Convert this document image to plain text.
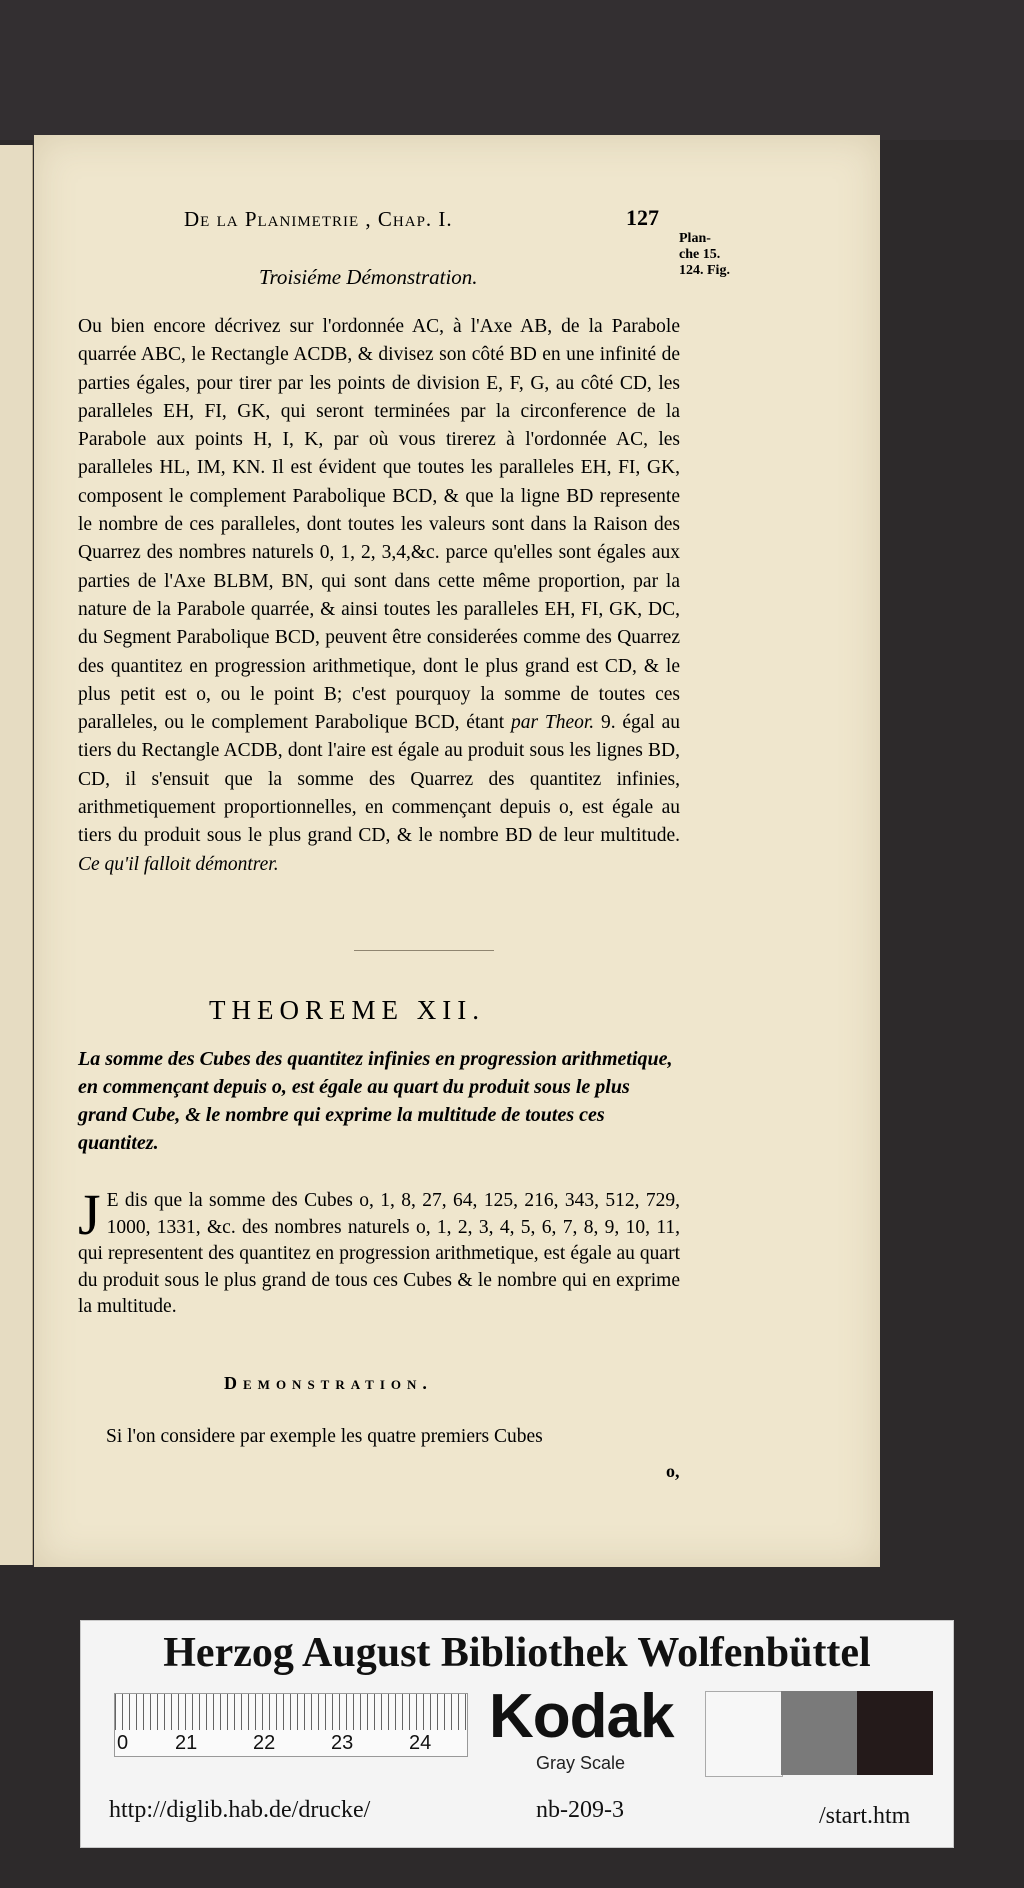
De la Planimetrie , Chap. I.	127
Plan-
che 15.
124. Fig.
Troisiéme Démonstration.
Ou bien encore décrivez sur l'ordonnée AC, à l'Axe AB, de la Parabole quarrée ABC, le Rectangle ACDB, & divisez son côté BD en une infinité de parties égales, pour tirer par les points de division E, F, G, au côté CD, les paralleles EH, FI, GK, qui seront terminées par la circonference de la Parabole aux points H, I, K, par où vous tirerez à l'ordonnée AC, les paralleles HL, IM, KN. Il est évident que toutes les paralleles EH, FI, GK, composent le complement Parabolique BCD, & que la ligne BD represente le nombre de ces paralleles, dont toutes les valeurs sont dans la Raison des Quarrez des nombres naturels 0, 1, 2, 3,4,&c. parce qu'elles sont égales aux parties de l'Axe BLBM, BN, qui sont dans cette même proportion, par la nature de la Parabole quarrée, & ainsi toutes les paralleles EH, FI, GK, DC, du Segment Parabolique BCD, peuvent être considerées comme des Quarrez des quantitez en progression arithmetique, dont le plus grand est CD, & le plus petit est o, ou le point B; c'est pourquoy la somme de toutes ces paralleles, ou le complement Parabolique BCD, étant par Theor. 9. égal au tiers du Rectangle ACDB, dont l'aire est égale au produit sous les lignes BD, CD, il s'ensuit que la somme des Quarrez des quantitez infinies, arithmetiquement proportionnelles, en commençant depuis o, est égale au tiers du produit sous le plus grand CD, & le nombre BD de leur multitude. Ce qu'il falloit démontrer.
THEOREME XII.
La somme des Cubes des quantitez infinies en progression arithmetique, en commençant depuis o, est égale au quart du produit sous le plus grand Cube, & le nombre qui exprime la multitude de toutes ces quantitez.
J E dis que la somme des Cubes o, 1, 8, 27, 64, 125, 216, 343, 512, 729, 1000, 1331, &c. des nombres naturels o, 1, 2, 3, 4, 5, 6, 7, 8, 9, 10, 11, qui representent des quantitez en progression arithmetique, est égale au quart du produit sous le plus grand de tous ces Cubes & le nombre qui en exprime la multitude.
Demonstration.
Si l'on considere par exemple les quatre premiers Cubes
o,
Herzog August Bibliothek Wolfenbüttel
0 21	22	23	24 Kodak
Gray Scale
http://diglib.hab.de/drucke/	nb-209-3	/start.htm
